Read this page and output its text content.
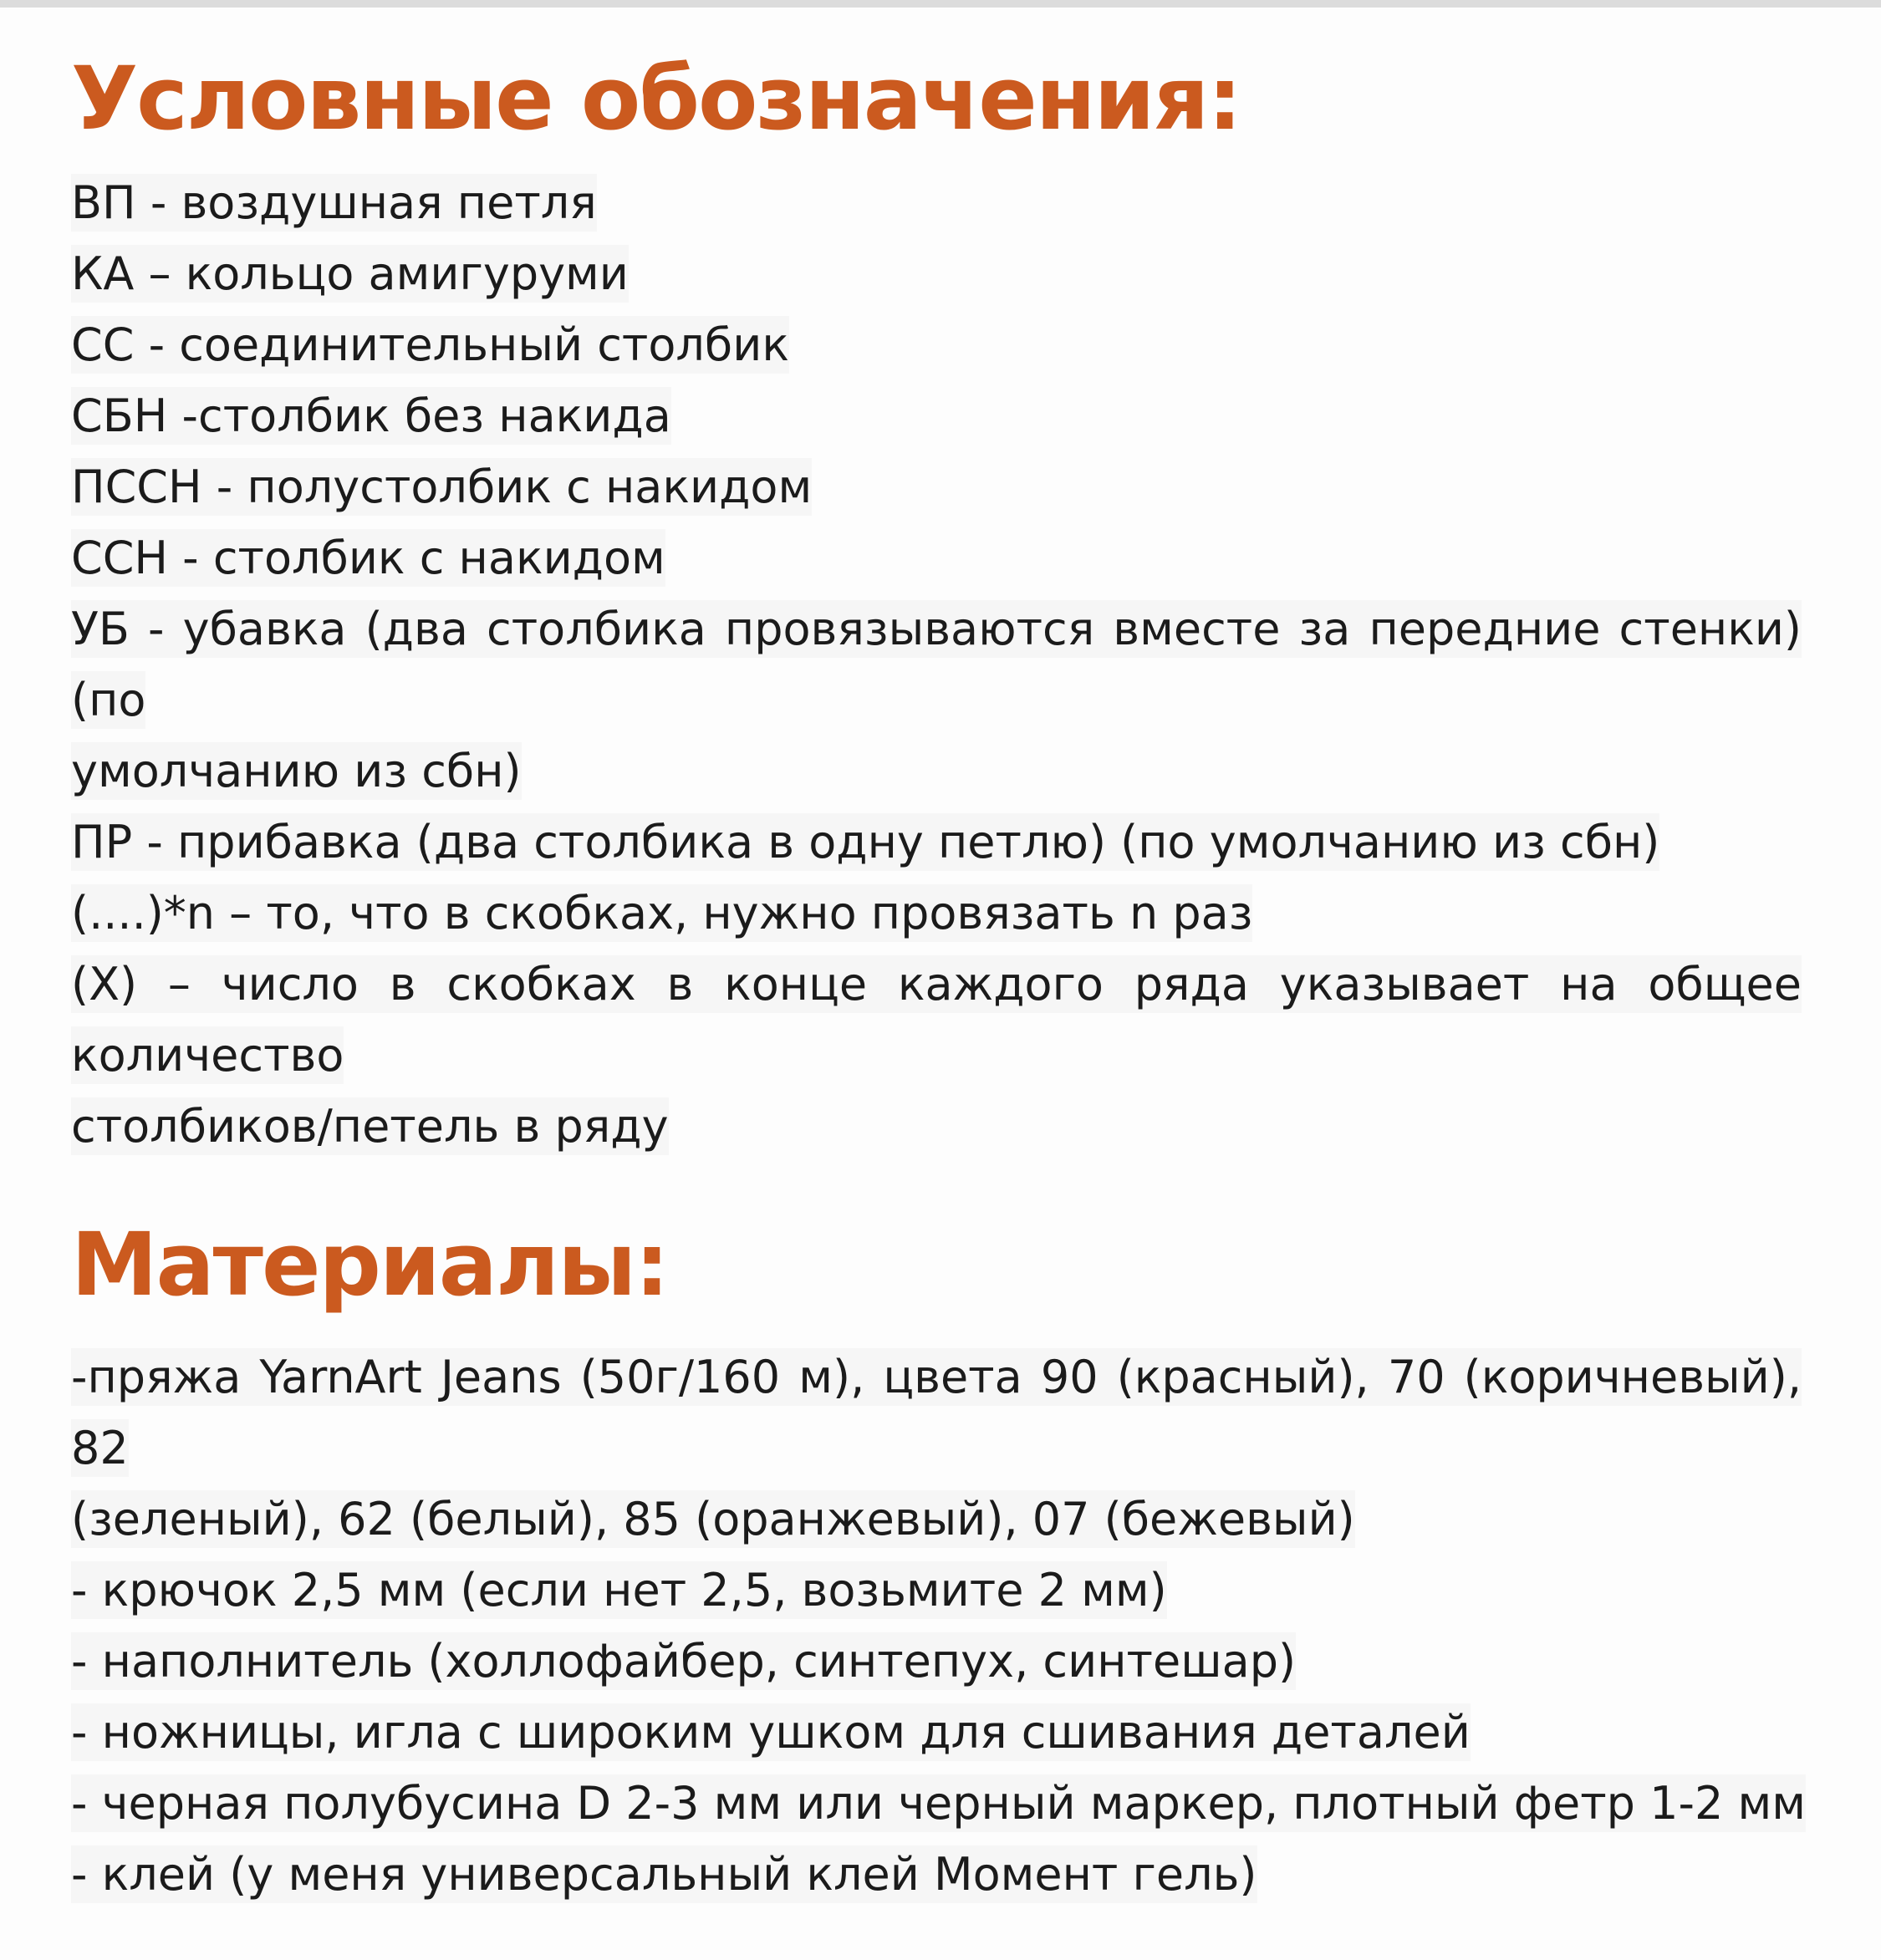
Условные обозначения:
ВП - воздушная петля
КА – кольцо амигуруми
СС - соединительный столбик
СБН -столбик без накида
ПССН - полустолбик с накидом
ССН - столбик с накидом
УБ - убавка (два столбика провязываются вместе за передние стенки) (по
умолчанию из сбн)
ПР - прибавка (два столбика в одну петлю) (по умолчанию из сбн)
(....)*n – то, что в скобках, нужно провязать n раз
(Х) – число в скобках в конце каждого ряда указывает на общее количество
столбиков/петель в ряду
Материалы:
-пряжа YarnArt Jeans (50г/160 м), цвета 90 (красный), 70 (коричневый), 82
(зеленый), 62 (белый), 85 (оранжевый), 07 (бежевый)
- крючок 2,5 мм (если нет 2,5, возьмите 2 мм)
- наполнитель (холлофайбер, синтепух, синтешар)
- ножницы, игла с широким ушком для сшивания деталей
- черная полубусина D 2-3 мм или черный маркер, плотный фетр 1-2 мм
- клей (у меня универсальный клей Момент гель)
